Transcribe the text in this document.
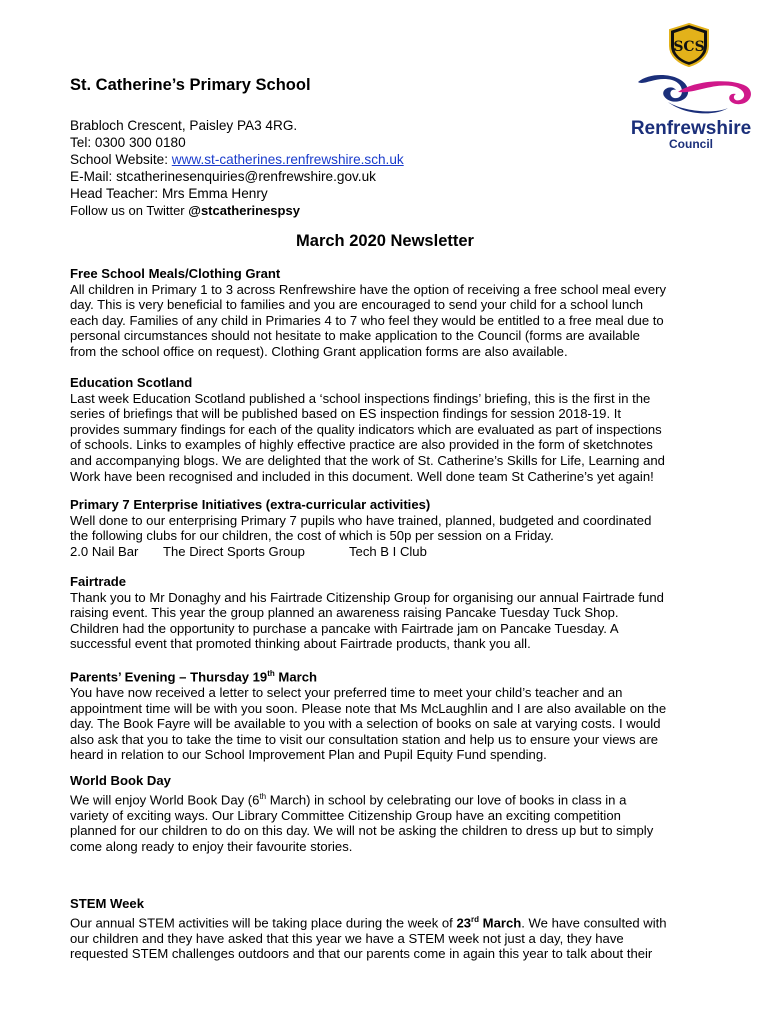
SCS
Renfrewshire
Council
St. Catherine’s Primary School
Brabloch Crescent, Paisley PA3 4RG.
Tel: 0300 300 0180
School Website: www.st-catherines.renfrewshire.sch.uk
E-Mail: stcatherinesenquiries@renfrewshire.gov.uk
Head Teacher: Mrs Emma Henry
Follow us on Twitter @stcatherinespsy
March 2020 Newsletter
Free School Meals/Clothing Grant
All children in Primary 1 to 3 across Renfrewshire have the option of receiving a free school meal every
day. This is very beneficial to families and you are encouraged to send your child for a school lunch
each day. Families of any child in Primaries 4 to 7 who feel they would be entitled to a free meal due to
personal circumstances should not hesitate to make application to the Council (forms are available
from the school office on request). Clothing Grant application forms are also available.
Education Scotland
Last week Education Scotland published a ‘school inspections findings’ briefing, this is the first in the
series of briefings that will be published based on ES inspection findings for session 2018-19. It
provides summary findings for each of the quality indicators which are evaluated as part of inspections
of schools. Links to examples of highly effective practice are also provided in the form of sketchnotes
and accompanying blogs. We are delighted that the work of St. Catherine’s Skills for Life, Learning and
Work have been recognised and included in this document. Well done team St Catherine’s yet again!
Primary 7 Enterprise Initiatives (extra-curricular activities)
Well done to our enterprising Primary 7 pupils who have trained, planned, budgeted and coordinated
the following clubs for our children, the cost of which is 50p per session on a Friday.
2.0 Nail Bar The Direct Sports Group	Tech B I Club
Fairtrade
Thank you to Mr Donaghy and his Fairtrade Citizenship Group for organising our annual Fairtrade fund
raising event. This year the group planned an awareness raising Pancake Tuesday Tuck Shop.
Children had the opportunity to purchase a pancake with Fairtrade jam on Pancake Tuesday. A
successful event that promoted thinking about Fairtrade products, thank you all.
Parents’ Evening – Thursday 19th March
You have now received a letter to select your preferred time to meet your child’s teacher and an
appointment time will be with you soon. Please note that Ms McLaughlin and I are also available on the
day. The Book Fayre will be available to you with a selection of books on sale at varying costs. I would
also ask that you to take the time to visit our consultation station and help us to ensure your views are
heard in relation to our School Improvement Plan and Pupil Equity Fund spending.
World Book Day
We will enjoy World Book Day (6th March) in school by celebrating our love of books in class in a
variety of exciting ways. Our Library Committee Citizenship Group have an exciting competition
planned for our children to do on this day. We will not be asking the children to dress up but to simply
come along ready to enjoy their favourite stories.
STEM Week
Our annual STEM activities will be taking place during the week of 23rd March. We have consulted with
our children and they have asked that this year we have a STEM week not just a day, they have
requested STEM challenges outdoors and that our parents come in again this year to talk about their
